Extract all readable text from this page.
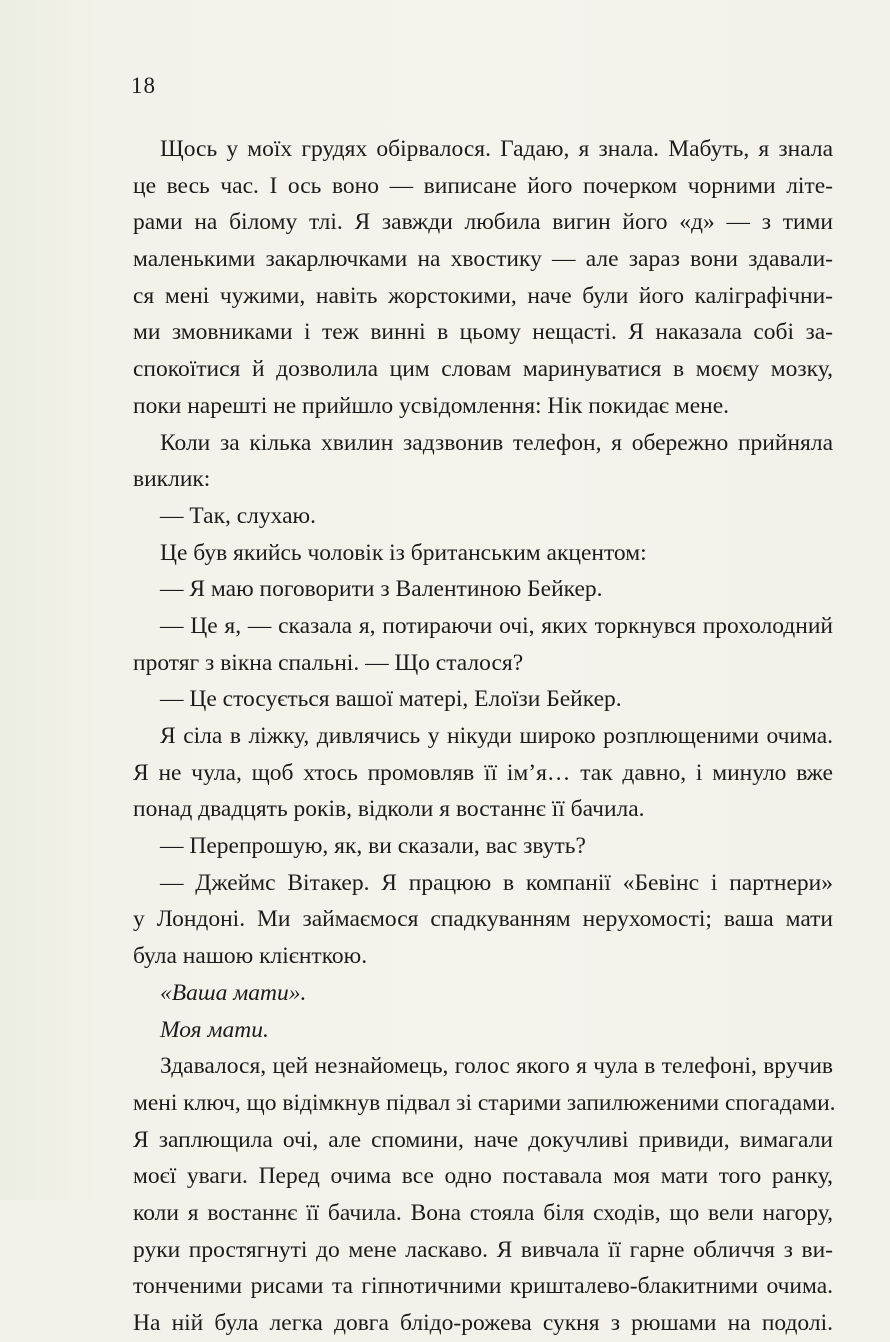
18
Щось у моїх грудях обірвалося. Гадаю, я знала. Мабуть, я знала
це весь час. І ось воно — виписане його почерком чорними літе-
рами на білому тлі. Я завжди любила вигин його «д» — з тими
маленькими закарлючками на хвостику — але зараз вони здавали-
ся мені чужими, навіть жорстокими, наче були його каліграфічни-
ми змовниками і теж винні в цьому нещасті. Я наказала собі за-
спокоїтися й дозволила цим словам маринуватися в моєму мозку,
поки нарешті не прийшло усвідомлення: Нік покидає мене.
Коли за кілька хвилин задзвонив телефон, я обережно прийняла
виклик:
— Так, слухаю.
Це був якийсь чоловік із британським акцентом:
— Я маю поговорити з Валентиною Бейкер.
— Це я, — сказала я, потираючи очі, яких торкнувся прохолодний
протяг з вікна спальні. — Що сталося?
— Це стосується вашої матері, Елоїзи Бейкер.
Я сіла в ліжку, дивлячись у нікуди широко розплющеними очима.
Я не чула, щоб хтось промовляв її ім’я… так давно, і минуло вже
понад двадцять років, відколи я востаннє її бачила.
— Перепрошую, як, ви сказали, вас звуть?
— Джеймс Вітакер. Я працюю в компанії «Бевінс і партнери»
у Лондоні. Ми займаємося спадкуванням нерухомості; ваша мати
була нашою клієнткою.
«Ваша мати».
Моя мати.
Здавалося, цей незнайомець, голос якого я чула в телефоні, вручив
мені ключ, що відімкнув підвал зі старими запилюженими спогадами.
Я заплющила очі, але спомини, наче докучливі привиди, вимагали
моєї уваги. Перед очима все одно поставала моя мати того ранку,
коли я востаннє її бачила. Вона стояла біля сходів, що вели нагору,
руки простягнуті до мене ласкаво. Я вивчала її гарне обличчя з ви-
тонченими рисами та гіпнотичними кришталево-блакитними очима.
На ній була легка довга блідо-рожева сукня з рюшами на подолі.
